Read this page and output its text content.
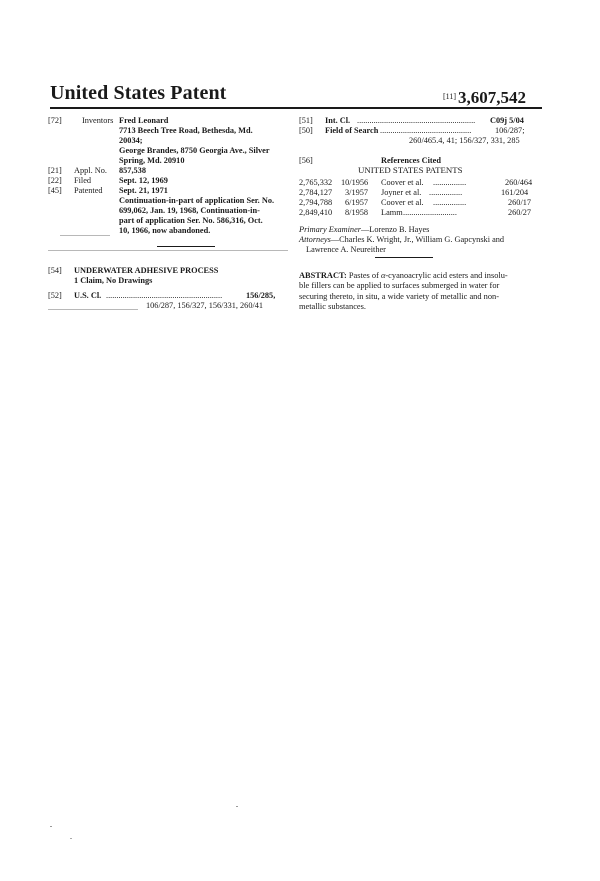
United States Patent	[11] 3,607,542
[72] Inventors Fred Leonard
7713 Beech Tree Road, Bethesda, Md.
20034;
George Brandes, 8750 Georgia Ave., Silver
Spring, Md. 20910
[21] Appl. No. 857,538
[22] Filed	Sept. 12, 1969
[45] Patented Sept. 21, 1971
Continuation-in-part of application Ser. No.
699,062, Jan. 19, 1968, Continuation-in-
part of application Ser. No. 586,316, Oct.
10, 1966, now abandoned.
[54] UNDERWATER ADHESIVE PROCESS
1 Claim, No Drawings
[52] U.S. Cl. ........................................................	156/285,
106/287, 156/327, 156/331, 260/41
[51] Int. Cl. .........................................................	C09j 5/04
[50] Field of Search ............................................	106/287;
260/465.4, 41; 156/327, 331, 285
[56]	References Cited
UNITED STATES PATENTS
2,765,332 10/1956 Coover et al. ................	260/464
2,784,127 3/1957 Joyner et al. ................	161/204
2,794,788 6/1957 Coover et al. ................	260/17
2,849,410 8/1958 Lamm ..........................	260/27
Primary Examiner—Lorenzo B. Hayes
Attorneys—Charles K. Wright, Jr., William G. Gapcynski and
Lawrence A. Neureither
ABSTRACT: Pastes of α-cyanoacrylic acid esters and insolu-
ble fillers can be applied to surfaces submerged in water for
securing thereto, in situ, a wide variety of metallic and non-
metallic substances.
